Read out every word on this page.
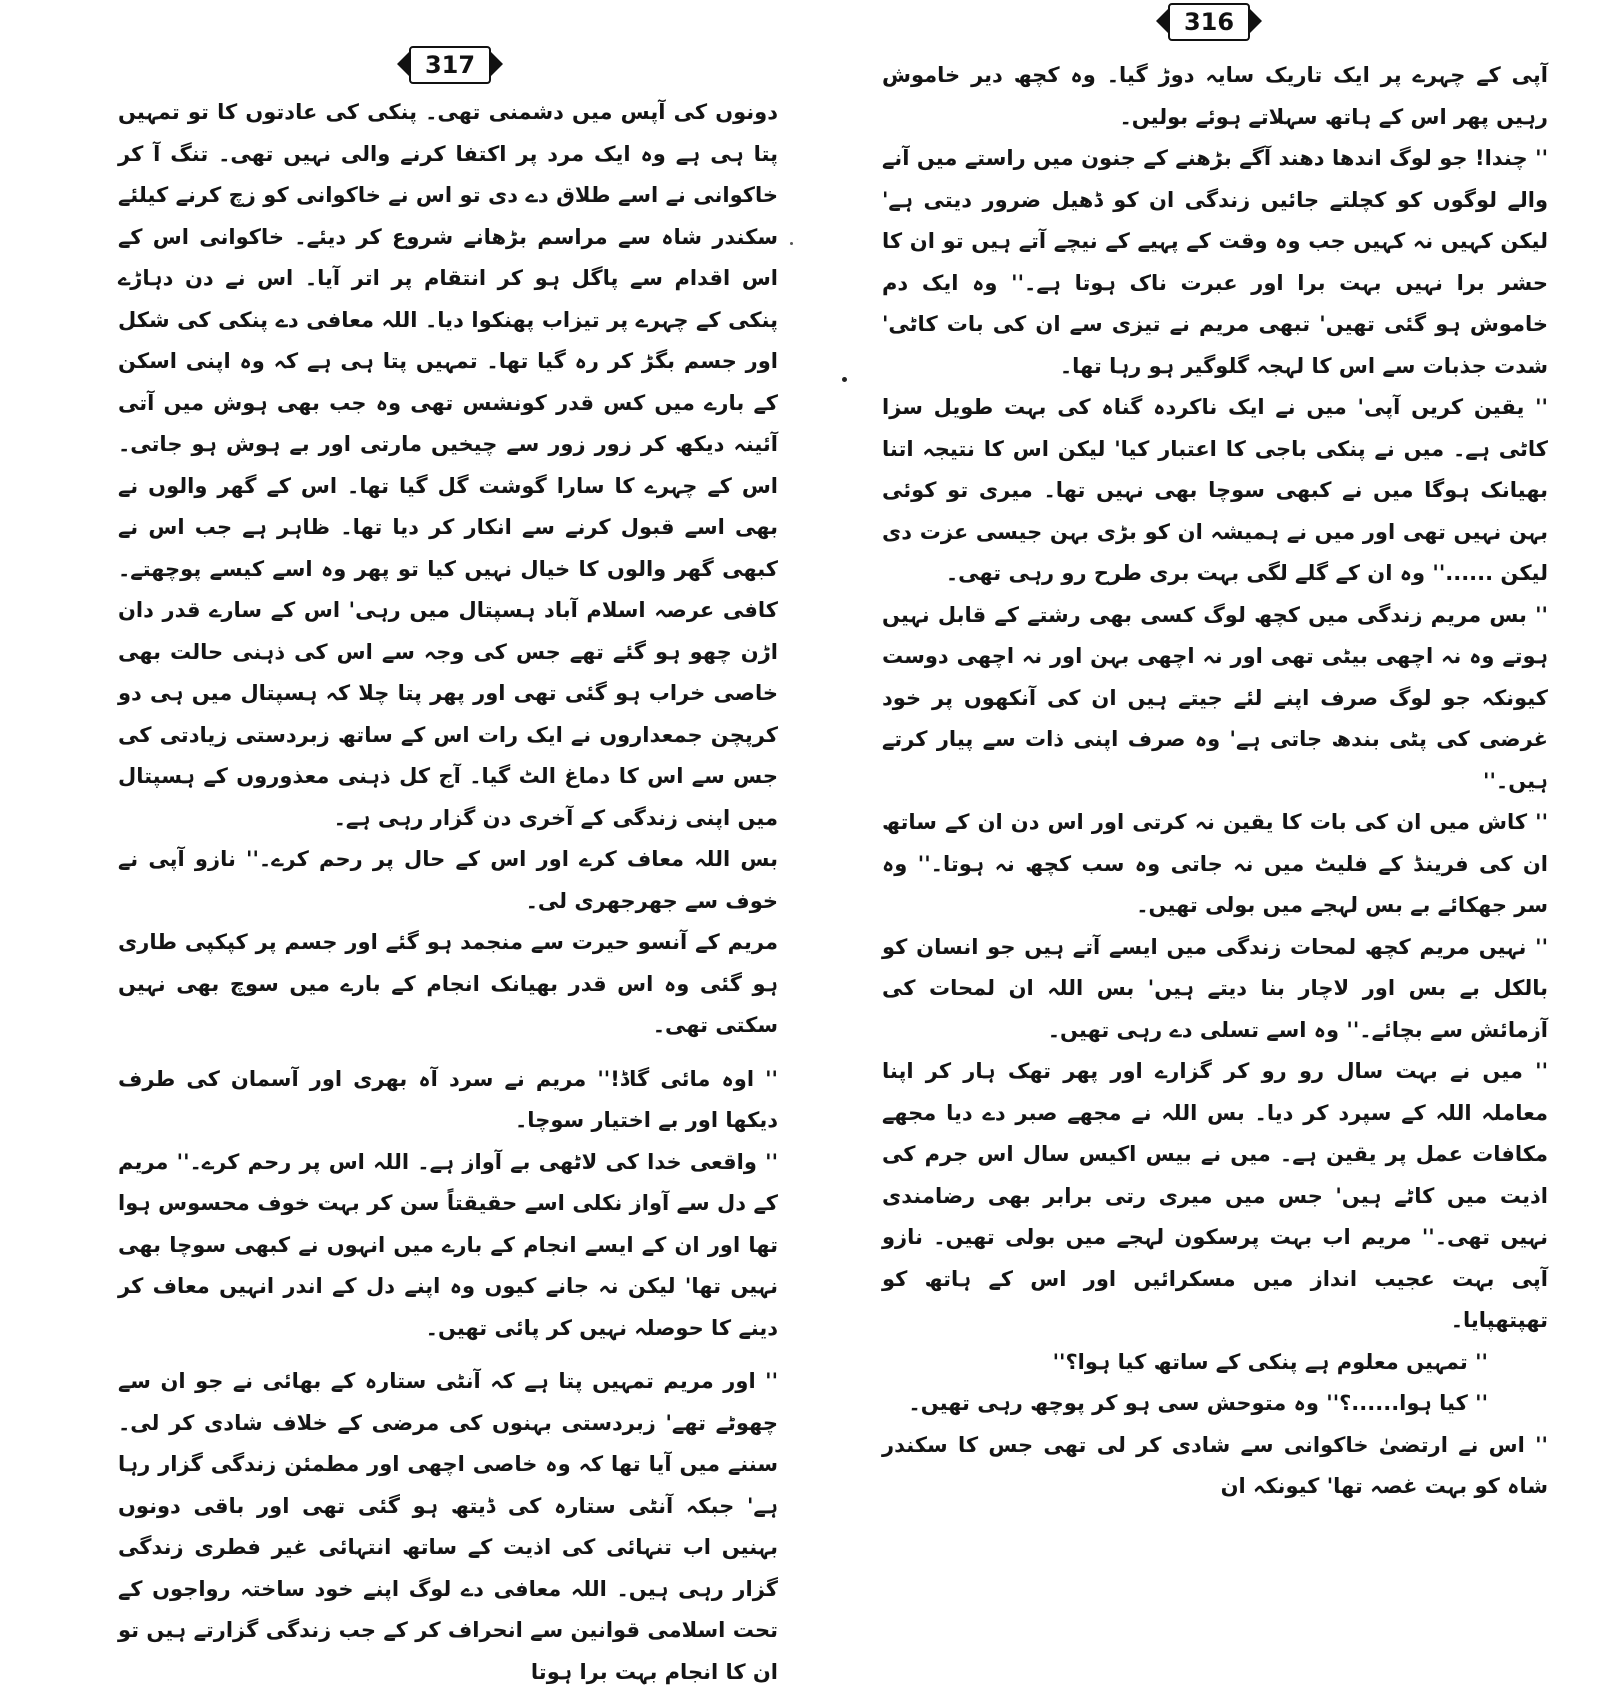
317

دونوں کی آپس میں دشمنی تھی۔ پنکی کی عادتوں کا تو تمہیں پتا ہی ہے وہ ایک مرد پر اکتفا کرنے والی نہیں تھی۔ تنگ آ کر خاکوانی نے اسے طلاق دے دی تو اس نے خاکوانی کو زچ کرنے کیلئے سکندر شاہ سے مراسم بڑھانے شروع کر دیئے۔ خاکوانی اس کے اس اقدام سے پاگل ہو کر انتقام پر اتر آیا۔ اس نے دن دہاڑے پنکی کے چہرے پر تیزاب پھنکوا دیا۔ اللہ معافی دے پنکی کی شکل اور جسم بگڑ کر رہ گیا تھا۔ تمہیں پتا ہی ہے کہ وہ اپنی اسکن کے بارے میں کس قدر کونشس تھی وہ جب بھی ہوش میں آتی آئینہ دیکھ کر زور زور سے چیخیں مارتی اور بے ہوش ہو جاتی۔ اس کے چہرے کا سارا گوشت گل گیا تھا۔ اس کے گھر والوں نے بھی اسے قبول کرنے سے انکار کر دیا تھا۔ ظاہر ہے جب اس نے کبھی گھر والوں کا خیال نہیں کیا تو پھر وہ اسے کیسے پوچھتے۔ کافی عرصہ اسلام آباد ہسپتال میں رہی' اس کے سارے قدر دان اڑن چھو ہو گئے تھے جس کی وجہ سے اس کی ذہنی حالت بھی خاصی خراب ہو گئی تھی اور پھر پتا چلا کہ ہسپتال میں ہی دو کرپچن جمعداروں نے ایک رات اس کے ساتھ زبردستی زیادتی کی جس سے اس کا دماغ الٹ گیا۔ آج کل ذہنی معذوروں کے ہسپتال میں اپنی زندگی کے آخری دن گزار رہی ہے۔

بس اللہ معاف کرے اور اس کے حال پر رحم کرے۔'' نازو آپی نے خوف سے جھرجھری لی۔

مریم کے آنسو حیرت سے منجمد ہو گئے اور جسم پر کپکپی طاری ہو گئی وہ اس قدر بھیانک انجام کے بارے میں سوچ بھی نہیں سکتی تھی۔

'' اوہ مائی گاڈ!'' مریم نے سرد آہ بھری اور آسمان کی طرف دیکھا اور بے اختیار سوچا۔

'' واقعی خدا کی لاٹھی بے آواز ہے۔ اللہ اس پر رحم کرے۔'' مریم کے دل سے آواز نکلی اسے حقیقتاً سن کر بہت خوف محسوس ہوا تھا اور ان کے ایسے انجام کے بارے میں انہوں نے کبھی سوچا بھی نہیں تھا' لیکن نہ جانے کیوں وہ اپنے دل کے اندر انہیں معاف کر دینے کا حوصلہ نہیں کر پائی تھیں۔

'' اور مریم تمہیں پتا ہے کہ آنٹی ستارہ کے بھائی نے جو ان سے چھوٹے تھے' زبردستی بہنوں کی مرضی کے خلاف شادی کر لی۔ سننے میں آیا تھا کہ وہ خاصی اچھی اور مطمئن زندگی گزار رہا ہے' جبکہ آنٹی ستارہ کی ڈیتھ ہو گئی تھی اور باقی دونوں بہنیں اب تنہائی کی اذیت کے ساتھ انتہائی غیر فطری زندگی گزار رہی ہیں۔ اللہ معافی دے لوگ اپنے خود ساختہ رواجوں کے تحت اسلامی قوانین سے انحراف کر کے جب زندگی گزارتے ہیں تو ان کا انجام بہت برا ہوتا

316

آپی کے چہرے پر ایک تاریک سایہ دوڑ گیا۔ وہ کچھ دیر خاموش رہیں پھر اس کے ہاتھ سہلاتے ہوئے بولیں۔

'' چندا! جو لوگ اندھا دھند آگے بڑھنے کے جنون میں راستے میں آنے والے لوگوں کو کچلتے جائیں زندگی ان کو ڈھیل ضرور دیتی ہے' لیکن کہیں نہ کہیں جب وہ وقت کے پہیے کے نیچے آتے ہیں تو ان کا حشر برا نہیں بہت برا اور عبرت ناک ہوتا ہے۔'' وہ ایک دم خاموش ہو گئی تھیں' تبھی مریم نے تیزی سے ان کی بات کاٹی' شدت جذبات سے اس کا لہجہ گلوگیر ہو رہا تھا۔

'' یقین کریں آپی' میں نے ایک ناکردہ گناہ کی بہت طویل سزا کاٹی ہے۔ میں نے پنکی باجی کا اعتبار کیا' لیکن اس کا نتیجہ اتنا بھیانک ہوگا میں نے کبھی سوچا بھی نہیں تھا۔ میری تو کوئی بہن نہیں تھی اور میں نے ہمیشہ ان کو بڑی بہن جیسی عزت دی لیکن ......'' وہ ان کے گلے لگی بہت بری طرح رو رہی تھی۔

'' بس مریم زندگی میں کچھ لوگ کسی بھی رشتے کے قابل نہیں ہوتے وہ نہ اچھی بیٹی تھی اور نہ اچھی بہن اور نہ اچھی دوست کیونکہ جو لوگ صرف اپنے لئے جیتے ہیں ان کی آنکھوں پر خود غرضی کی پٹی بندھ جاتی ہے' وہ صرف اپنی ذات سے پیار کرتے ہیں۔''

'' کاش میں ان کی بات کا یقین نہ کرتی اور اس دن ان کے ساتھ ان کی فرینڈ کے فلیٹ میں نہ جاتی وہ سب کچھ نہ ہوتا۔'' وہ سر جھکائے بے بس لہجے میں بولی تھیں۔

'' نہیں مریم کچھ لمحات زندگی میں ایسے آتے ہیں جو انسان کو بالکل بے بس اور لاچار بنا دیتے ہیں' بس اللہ ان لمحات کی آزمائش سے بچائے۔'' وہ اسے تسلی دے رہی تھیں۔

'' میں نے بہت سال رو رو کر گزارے اور پھر تھک ہار کر اپنا معاملہ اللہ کے سپرد کر دیا۔ بس اللہ نے مجھے صبر دے دیا مجھے مکافات عمل پر یقین ہے۔ میں نے بیس اکیس سال اس جرم کی اذیت میں کاٹے ہیں' جس میں میری رتی برابر بھی رضامندی نہیں تھی۔'' مریم اب بہت پرسکون لہجے میں بولی تھیں۔ نازو آپی بہت عجیب انداز میں مسکرائیں اور اس کے ہاتھ کو تھپتھپایا۔

'' تمہیں معلوم ہے پنکی کے ساتھ کیا ہوا؟''

'' کیا ہوا......؟'' وہ متوحش سی ہو کر پوچھ رہی تھیں۔

'' اس نے ارتضیٰ خاکوانی سے شادی کر لی تھی جس کا سکندر شاہ کو بہت غصہ تھا' کیونکہ ان
